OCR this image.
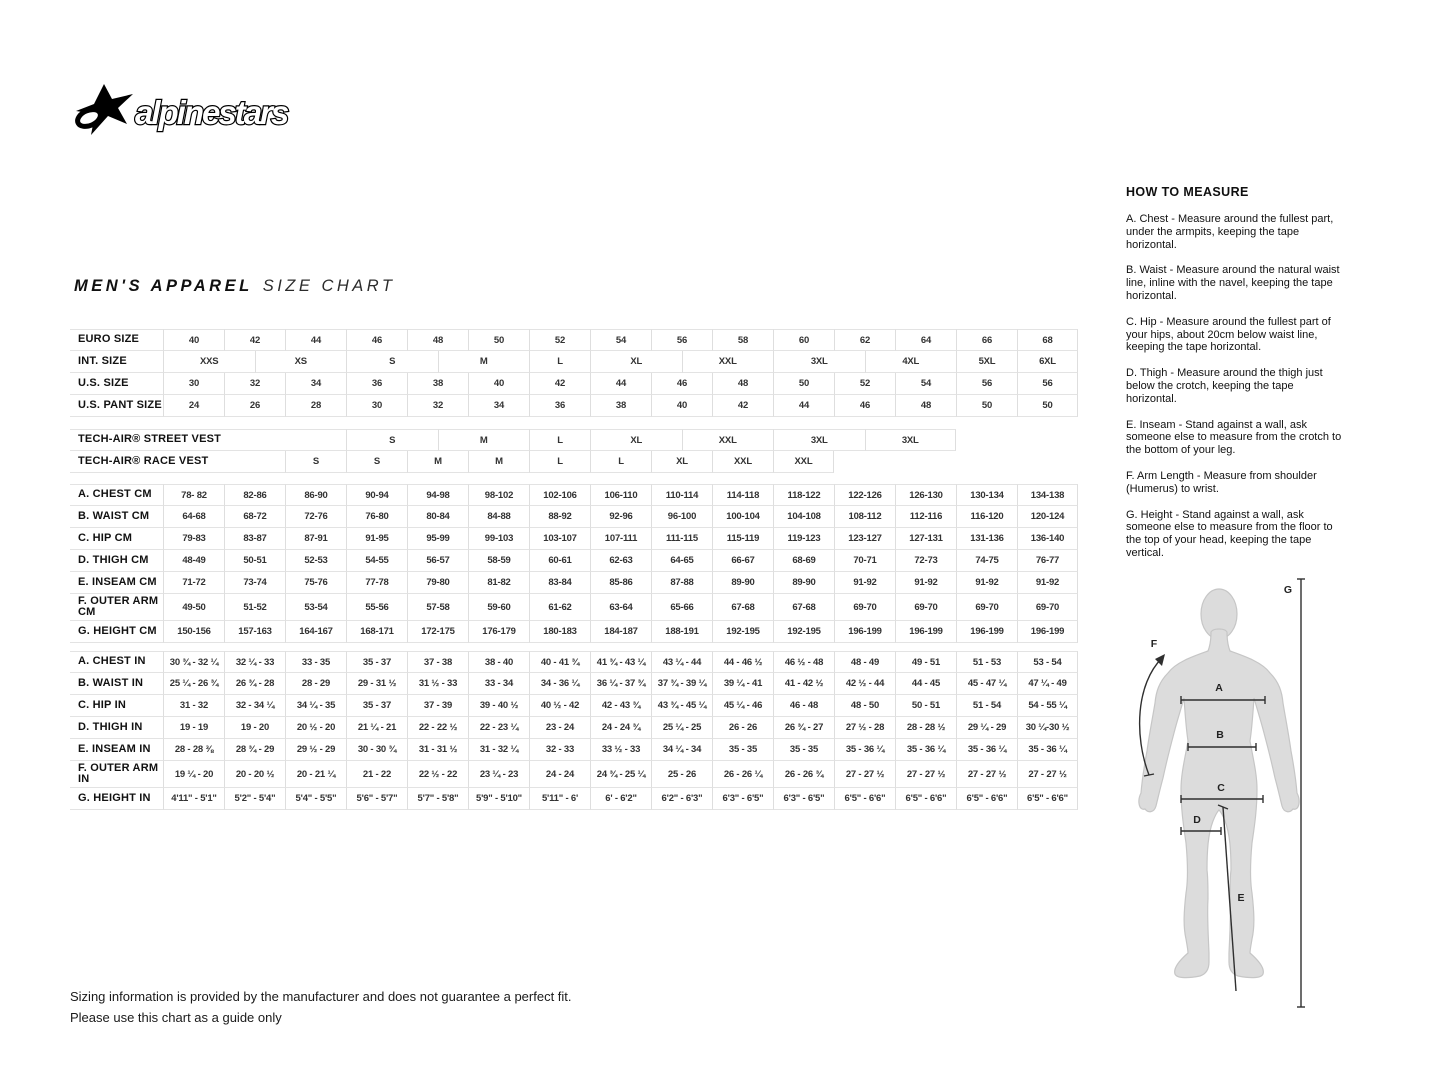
alpinestars
MEN'S APPAREL SIZE CHART
EURO SIZE	40	42	44	46	48	50	52	54	56	58	60	62	64	66	68
INT. SIZE	XXS	XS	S	M	L	XL	XXL	3XL	4XL	5XL	6XL
U.S. SIZE	30	32	34	36	38	40	42	44	46	48	50	52	54	56	56
U.S. PANT SIZE	24	26	28	30	32	34	36	38	40	42	44	46	48	50	50
TECH-AIR® STREET VEST	S	M	L	XL	XXL	3XL	3XL
TECH-AIR® RACE VEST	S	S	M	M	L	L	XL	XXL	XXL
A. CHEST CM	78- 82	82-86	86-90	90-94	94-98	98-102	102-106	106-110	110-114	114-118	118-122	122-126	126-130	130-134	134-138
B. WAIST CM	64-68	68-72	72-76	76-80	80-84	84-88	88-92	92-96	96-100	100-104	104-108	108-112	112-116	116-120	120-124
C. HIP CM	79-83	83-87	87-91	91-95	95-99	99-103	103-107	107-111	111-115	115-119	119-123	123-127	127-131	131-136	136-140
D. THIGH CM	48-49	50-51	52-53	54-55	56-57	58-59	60-61	62-63	64-65	66-67	68-69	70-71	72-73	74-75	76-77
E. INSEAM CM	71-72	73-74	75-76	77-78	79-80	81-82	83-84	85-86	87-88	89-90	89-90	91-92	91-92	91-92	91-92
F. OUTER ARM CM	49-50	51-52	53-54	55-56	57-58	59-60	61-62	63-64	65-66	67-68	67-68	69-70	69-70	69-70	69-70
G. HEIGHT CM	150-156	157-163	164-167	168-171	172-175	176-179	180-183	184-187	188-191	192-195	192-195	196-199	196-199	196-199	196-199
A. CHEST IN	30 ¾ - 32 ¼	32 ¼ - 33	33 - 35	35 - 37	37 - 38	38 - 40	40 - 41 ¾	41 ¾ - 43 ¼	43 ¼ - 44	44 - 46 ½	46 ½ - 48	48 - 49	49 - 51	51 - 53	53 - 54
B. WAIST IN	25 ¼ - 26 ¾	26 ¾ - 28	28 - 29	29 - 31 ½	31 ½ - 33	33 - 34	34 - 36 ¼	36 ¼ - 37 ¾	37 ¾ - 39 ¼	39 ¼ - 41	41 - 42 ½	42 ½ - 44	44 - 45	45 - 47 ¼	47 ¼ - 49
C. HIP IN	31 - 32	32 - 34 ¼	34 ¼ - 35	35 - 37	37 - 39	39 - 40 ½	40 ½ - 42	42 - 43 ¾	43 ¾ - 45 ¼	45 ¼ - 46	46 - 48	48 - 50	50 - 51	51 - 54	54 - 55 ¼
D. THIGH IN	19 - 19	19 - 20	20 ½ - 20	21 ¼ - 21	22 - 22 ½	22 - 23 ¼	23 - 24	24 - 24 ¾	25 ¼ - 25	26 - 26	26 ¾ - 27	27 ½ - 28	28 - 28 ½	29 ¼ - 29	30 ¼-30 ½
E. INSEAM IN	28 - 28 ⅜	28 ¾ - 29	29 ½ - 29	30 - 30 ¾	31 - 31 ½	31 - 32 ¼	32 - 33	33 ½ - 33	34 ¼ - 34	35 - 35	35 - 35	35 - 36 ¼	35 - 36 ¼	35 - 36 ¼	35 - 36 ¼
F. OUTER ARM IN	19 ¼ - 20	20 - 20 ½	20 - 21 ¼	21 - 22	22 ½ - 22	23 ¼ - 23	24 - 24	24 ¾ - 25 ¼	25 - 26	26 - 26 ¼	26 - 26 ¾	27 - 27 ½	27 - 27 ½	27 - 27 ½	27 - 27 ½
G. HEIGHT IN	4'11" - 5'1"	5'2" - 5'4"	5'4" - 5'5"	5'6" - 5'7"	5'7" - 5'8"	5'9" - 5'10"	5'11" - 6'	6' - 6'2"	6'2" - 6'3"	6'3" - 6'5"	6'3" - 6'5"	6'5" - 6'6"	6'5" - 6'6"	6'5" - 6'6"	6'5" - 6'6"
Sizing information is provided by the manufacturer and does not guarantee a perfect fit.
Please use this chart as a guide only
HOW TO MEASURE

A. Chest - Measure around the fullest part, under the armpits, keeping the tape horizontal.

B. Waist - Measure around the natural waist line, inline with the navel, keeping the tape horizontal.

C. Hip - Measure around the fullest part of your hips, about 20cm below waist line, keeping the tape horizontal.

D. Thigh - Measure around the thigh just below the crotch, keeping the tape horizontal.

E. Inseam - Stand against a wall, ask someone else to measure from the crotch to the bottom of your leg.

F. Arm Length - Measure from shoulder (Humerus) to wrist.

G. Height - Stand against a wall, ask someone else to measure from the floor to the top of your head, keeping the tape vertical.

A
B
C
D
E
F
G
